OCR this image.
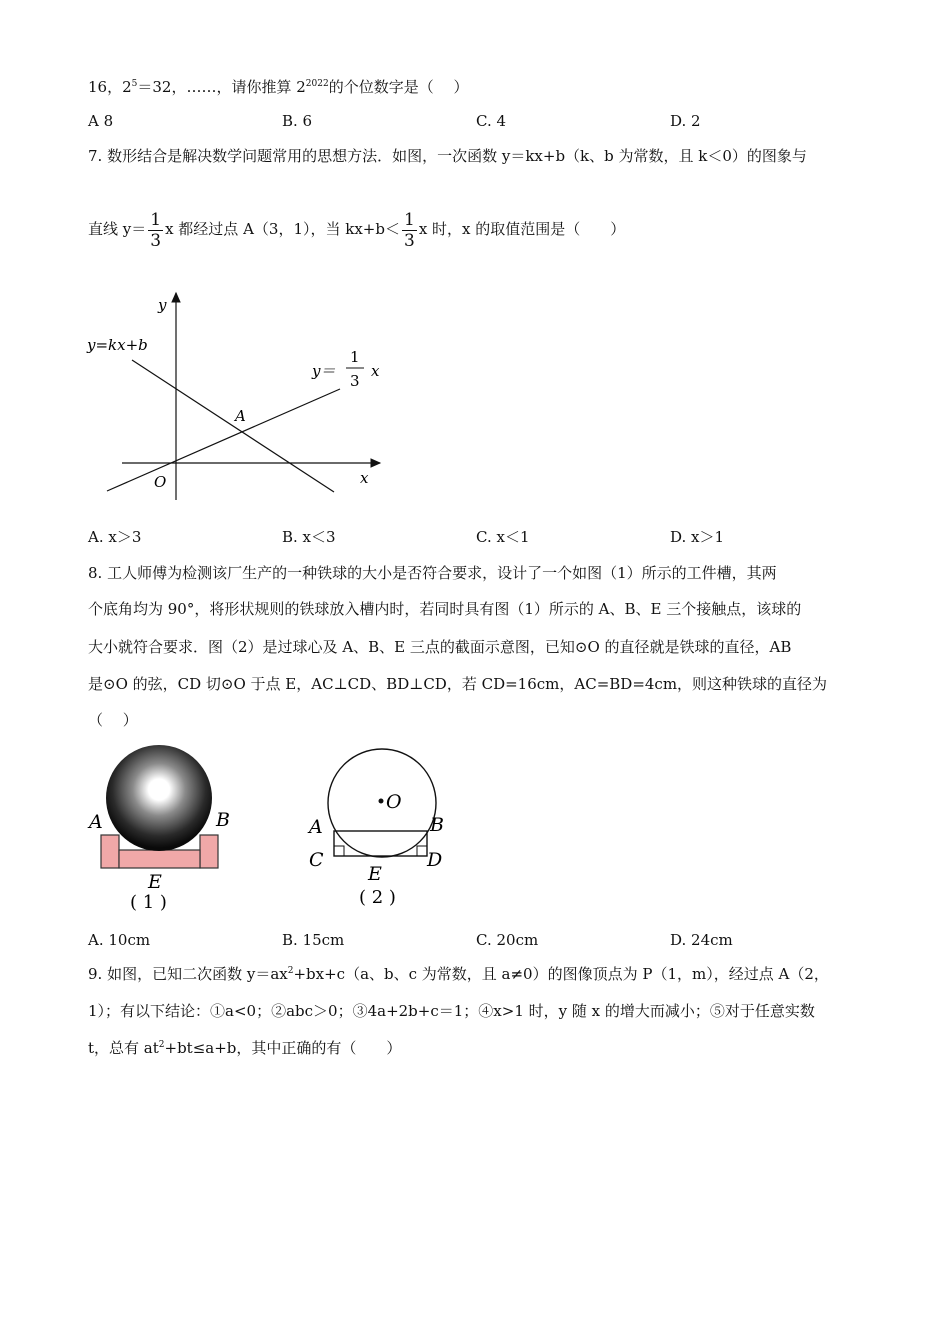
16，$2^5=32$，……，请你推算 $2^{2022}$的个位数字是（　 ）
A 8	B. 6	C. 4	D. 2
7. 数形结合是解决数学问题常用的思想方法．如图，一次函数 y＝kx+b（k、b 为常数，且 k＜0）的图象与
直线 $y= \frac{1}{3}$ x 都经过点 A（3，1），当 $kx+b< \frac{1}{3}$ x 时，x 的取值范围是（　　）
y
x
O
A
y=kx+b
y＝
1
3
x
A. x＞3	B. x＜3	C. x＜1	D. x＞1
8. 工人师傅为检测该厂生产的一种铁球的大小是否符合要求，设计了一个如图（1）所示的工件槽，其两
个底角均为 90°，将形状规则的铁球放入槽内时，若同时具有图（1）所示的 A、B、E 三个接触点，该球的
大小就符合要求．图（2）是过球心及 A、B、E 三点的截面示意图，已知⊙O 的直径就是铁球的直径，AB
是⊙O 的弦，CD 切⊙O 于点 E，AC⊥CD、BD⊥CD，若 CD=16cm，AC=BD=4cm，则这种铁球的直径为
（　 ）
A	B
E
( 1 )
O
A	B
C	D
E
( 2 )
A. 10cm	B. 15cm	C. 20cm	D. 24cm
9. 如图，已知二次函数 $y=ax^2+bx+c(a$、b、c 为常数，且 a≠0）的图像顶点为 P（1，m），经过点 A（2，
1）；有以下结论：①a<0；②abc＞0；③4a+2b+c＝1；④x>1 时，y 随 x 的增大而减小；⑤对于任意实数
t，总有 $at^2+bt\le a+b$，其中正确的有（　　）
